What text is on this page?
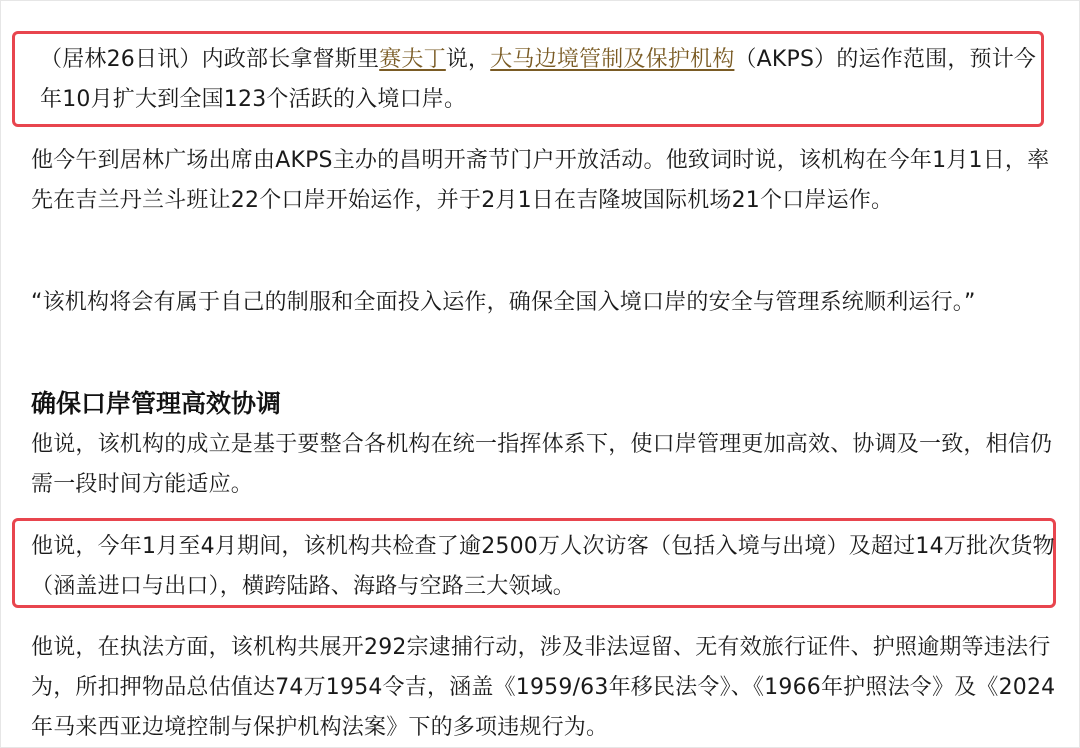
（居林26日讯）内政部长拿督斯里赛夫丁说，大马边境管制及保护机构（AKPS）的运作范围，预计今年10月扩大到全国123个活跃的入境口岸。

他今午到居林广场出席由AKPS主办的昌明开斋节门户开放活动。他致词时说，该机构在今年1月1日，率先在吉兰丹兰斗班让22个口岸开始运作，并于2月1日在吉隆坡国际机场21个口岸运作。

“该机构将会有属于自己的制服和全面投入运作，确保全国入境口岸的安全与管理系统顺利运行。”

确保口岸管理高效协调

他说，该机构的成立是基于要整合各机构在统一指挥体系下，使口岸管理更加高效、协调及一致，相信仍需一段时间方能适应。

他说，今年1月至4月期间，该机构共检查了逾2500万人次访客（包括入境与出境）及超过14万批次货物（涵盖进口与出口），横跨陆路、海路与空路三大领域。

他说，在执法方面，该机构共展开292宗逮捕行动，涉及非法逗留、无有效旅行证件、护照逾期等违法行为，所扣押物品总估值达74万1954令吉，涵盖《1959/63年移民法令》、《1966年护照法令》及《2024年马来西亚边境控制与保护机构法案》下的多项违规行为。
